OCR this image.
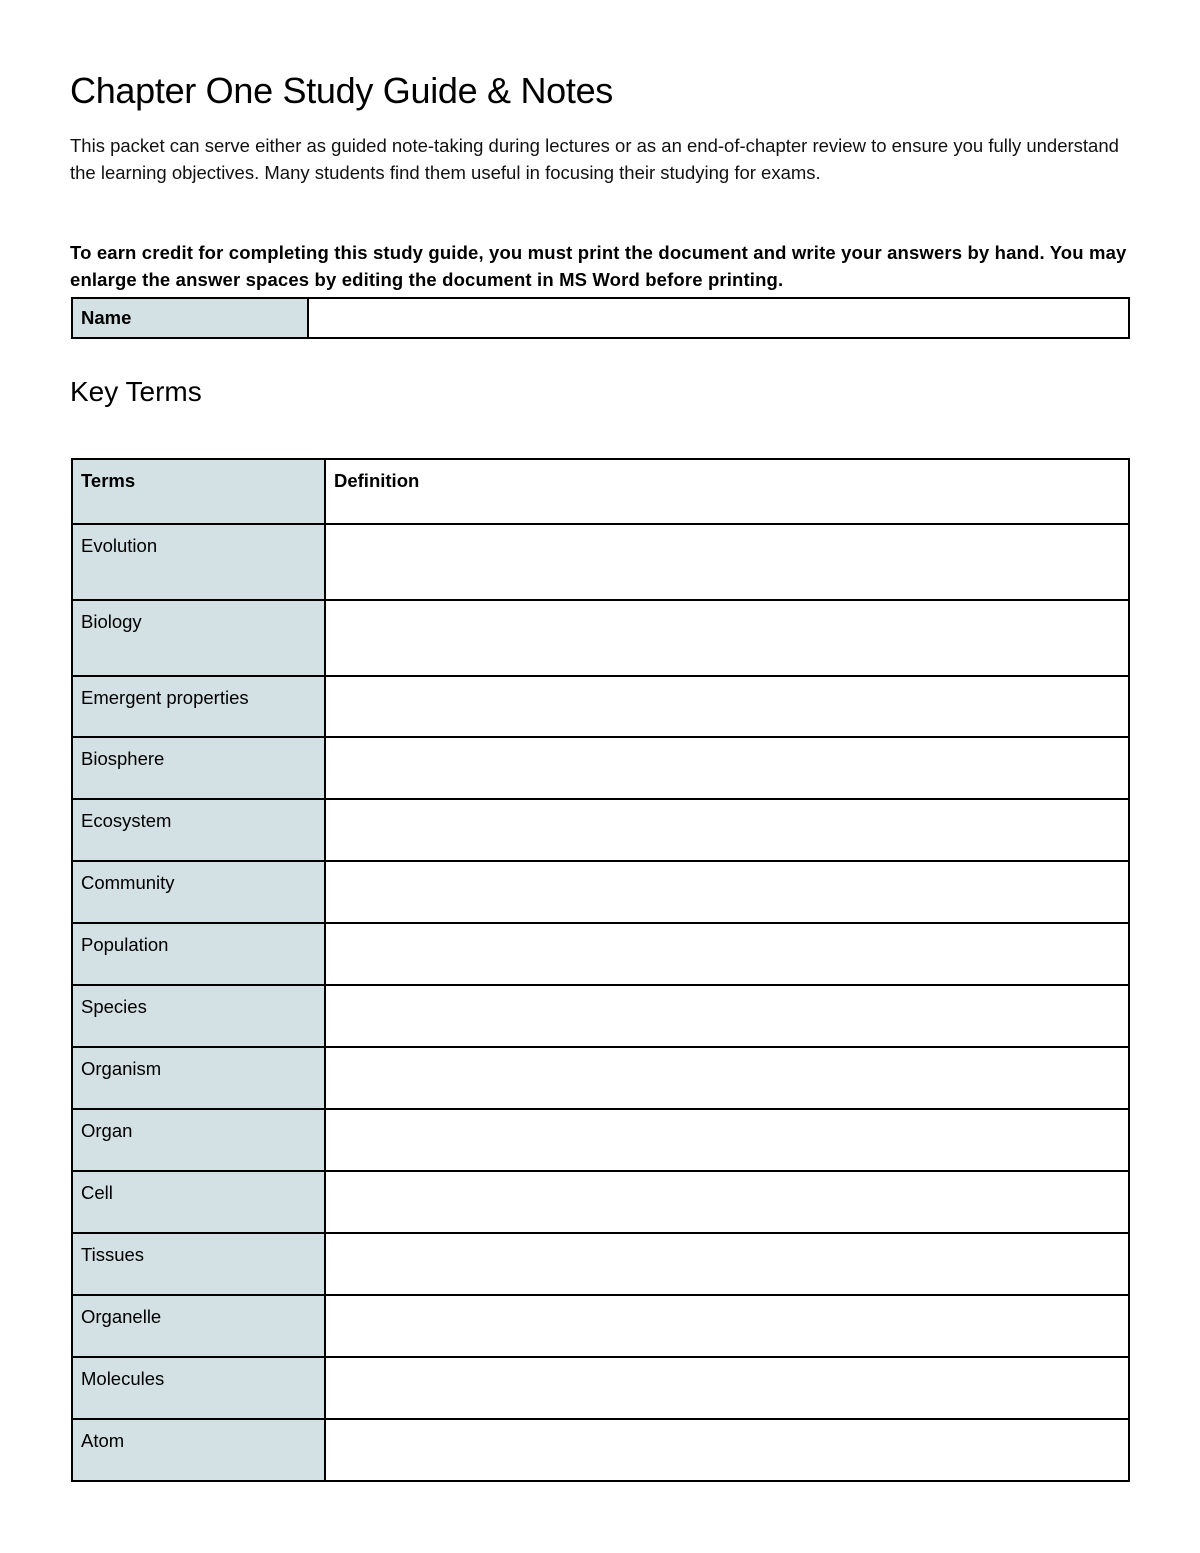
Chapter One Study Guide & Notes

This packet can serve either as guided note-taking during lectures or as an end-of-chapter review to ensure you fully understand the learning objectives. Many students find them useful in focusing their studying for exams.

To earn credit for completing this study guide, you must print the document and write your answers by hand. You may enlarge the answer spaces by editing the document in MS Word before printing.

Name	
Key Terms
Terms	Definition
Evolution	
Biology	
Emergent properties	
Biosphere	
Ecosystem	
Community	
Population	
Species	
Organism	
Organ	
Cell	
Tissues	
Organelle	
Molecules	
Atom	
